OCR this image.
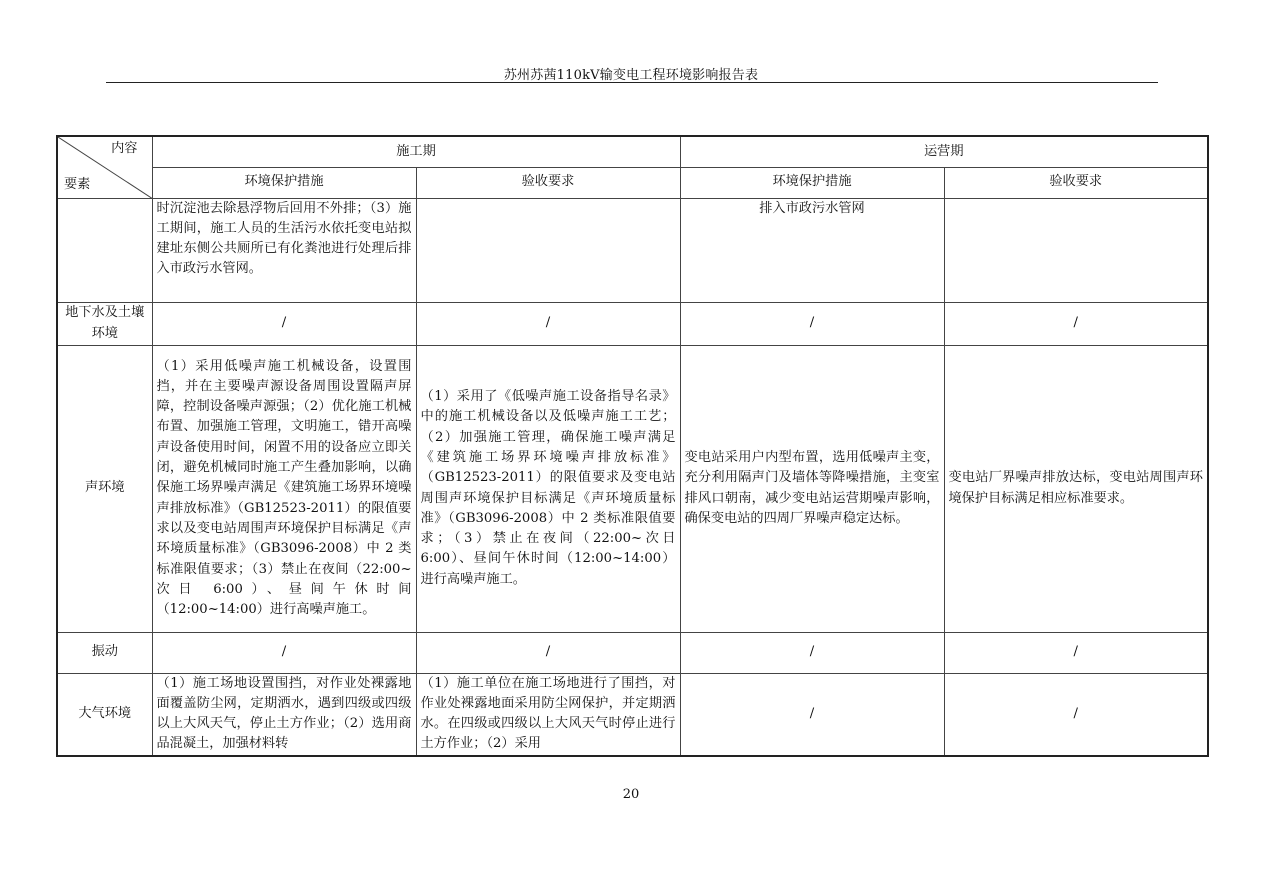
苏州苏茜110kV输变电工程环境影响报告表
内容
要素	施工期		运营期	
	环境保护措施	验收要求	环境保护措施	验收要求
	时沉淀池去除悬浮物后回用不外排；（3）施工期间，施工人员的生活污水依托变电站拟建址东侧公共厕所已有化粪池进行处理后排入市政污水管网。		排入市政污水管网	
地下水及土壤环境	/	/	/	/
声环境	（1）采用低噪声施工机械设备，设置围挡，并在主要噪声源设备周围设置隔声屏障，控制设备噪声源强；（2）优化施工机械布置、加强施工管理，文明施工，错开高噪声设备使用时间，闲置不用的设备应立即关闭，避免机械同时施工产生叠加影响，以确保施工场界噪声满足《建筑施工场界环境噪声排放标准》（GB12523-2011）的限值要求以及变电站周围声环境保护目标满足《声环境质量标准》（GB3096-2008）中 2 类标准限值要求；（3）禁止在夜间（22:00~次日 6:00）、昼间午休时间（12:00~14:00）进行高噪声施工。	（1）采用了《低噪声施工设备指导名录》中的施工机械设备以及低噪声施工工艺；（2）加强施工管理，确保施工噪声满足《建筑施工场界环境噪声排放标准》（GB12523-2011）的限值要求及变电站周围声环境保护目标满足《声环境质量标准》（GB3096-2008）中 2 类标准限值要求；（3）禁止在夜间（22:00~次日 6:00）、昼间午休时间（12:00~14:00）进行高噪声施工。	变电站采用户内型布置，选用低噪声主变，充分利用隔声门及墙体等降噪措施，主变室排风口朝南，减少变电站运营期噪声影响，确保变电站的四周厂界噪声稳定达标。	变电站厂界噪声排放达标，变电站周围声环境保护目标满足相应标准要求。
振动	/	/	/	/
大气环境	（1）施工场地设置围挡，对作业处裸露地面覆盖防尘网，定期洒水，遇到四级或四级以上大风天气，停止土方作业；（2）选用商品混凝土，加强材料转	（1）施工单位在施工场地进行了围挡，对作业处裸露地面采用防尘网保护，并定期洒水。在四级或四级以上大风天气时停止进行土方作业；（2）采用	/	/
20
